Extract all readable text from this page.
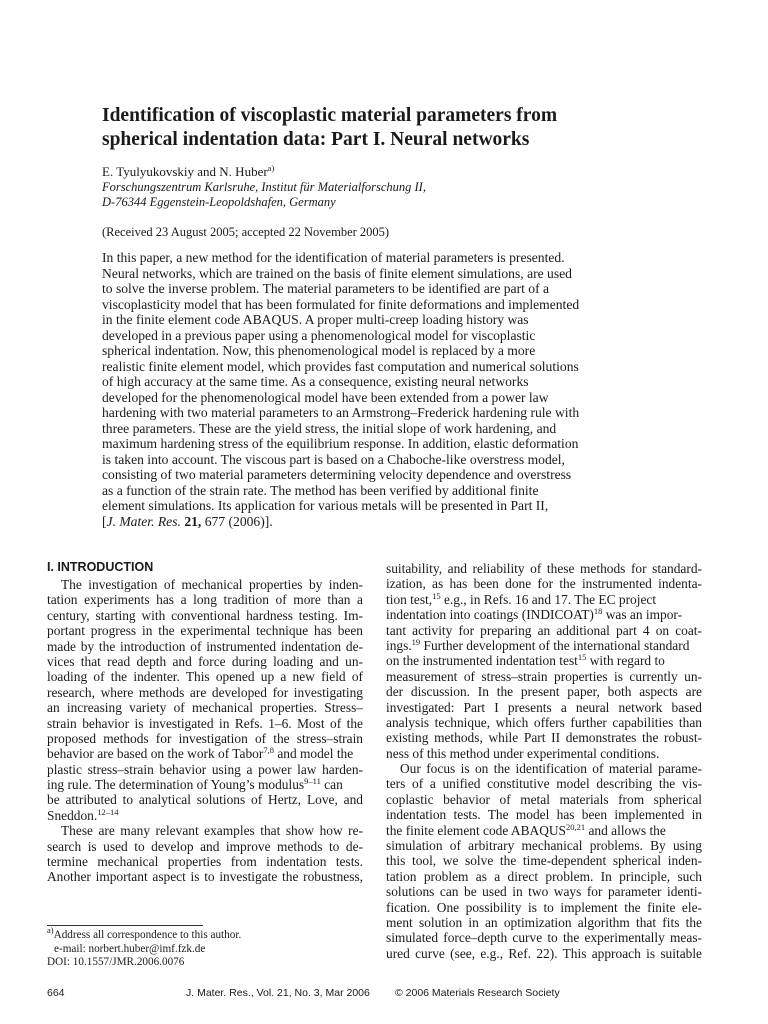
Identification of viscoplastic material parameters from
spherical indentation data: Part I. Neural networks
E. Tyulyukovskiy and N. Huber$^{a)}$
Forschungszentrum Karlsruhe, Institut für Materialforschung II,
D-76344 Eggenstein-Leopoldshafen, Germany
(Received 23 August 2005; accepted 22 November 2005)
In this paper, a new method for the identification of material parameters is presented.
Neural networks, which are trained on the basis of finite element simulations, are used
to solve the inverse problem. The material parameters to be identified are part of a
viscoplasticity model that has been formulated for finite deformations and implemented
in the finite element code ABAQUS. A proper multi-creep loading history was
developed in a previous paper using a phenomenological model for viscoplastic
spherical indentation. Now, this phenomenological model is replaced by a more
realistic finite element model, which provides fast computation and numerical solutions
of high accuracy at the same time. As a consequence, existing neural networks
developed for the phenomenological model have been extended from a power law
hardening with two material parameters to an Armstrong–Frederick hardening rule with
three parameters. These are the yield stress, the initial slope of work hardening, and
maximum hardening stress of the equilibrium response. In addition, elastic deformation
is taken into account. The viscous part is based on a Chaboche-like overstress model,
consisting of two material parameters determining velocity dependence and overstress
as a function of the strain rate. The method has been verified by additional finite
element simulations. Its application for various metals will be presented in Part II,
[J. Mater. Res. 21, 677 (2006)].
I. INTRODUCTION
The investigation of mechanical properties by inden-
tation experiments has a long tradition of more than a
century, starting with conventional hardness testing. Im-
portant progress in the experimental technique has been
made by the introduction of instrumented indentation de-
vices that read depth and force during loading and un-
loading of the indenter. This opened up a new field of
research, where methods are developed for investigating
an increasing variety of mechanical properties. Stress–
strain behavior is investigated in Refs. 1–6. Most of the
proposed methods for investigation of the stress–strain
behavior are based on the work of Tabor$^{7,8}$ and model the
plastic stress–strain behavior using a power law harden-
ing rule. The determination of Young’s modulus$^{9-11}$ can
be attributed to analytical solutions of Hertz, Love, and
Sneddon.$^{12-14}$
These are many relevant examples that show how re-
search is used to develop and improve methods to de-
termine mechanical properties from indentation tests.
Another important aspect is to investigate the robustness,
$^{a)}$Address all correspondence to this author.
e-mail: norbert.huber@imf.fzk.de
DOI: 10.1557/JMR.2006.0076
suitability, and reliability of these methods for standard-
ization, as has been done for the instrumented indenta-
tion test,$^{15}$ e.g., in Refs. 16 and 17. The EC project
indentation into coatings (INDICOAT)$^{18}$ was an impor-
tant activity for preparing an additional part 4 on coat-
ings.$^{19}$ Further development of the international standard
on the instrumented indentation test$^{15}$ with regard to
measurement of stress–strain properties is currently un-
der discussion. In the present paper, both aspects are
investigated: Part I presents a neural network based
analysis technique, which offers further capabilities than
existing methods, while Part II demonstrates the robust-
ness of this method under experimental conditions.
Our focus is on the identification of material parame-
ters of a unified constitutive model describing the vis-
coplastic behavior of metal materials from spherical
indentation tests. The model has been implemented in
the finite element code ABAQUS$^{20,21}$ and allows the
simulation of arbitrary mechanical problems. By using
this tool, we solve the time-dependent spherical inden-
tation problem as a direct problem. In principle, such
solutions can be used in two ways for parameter identi-
fication. One possibility is to implement the finite ele-
ment solution in an optimization algorithm that fits the
simulated force–depth curve to the experimentally meas-
ured curve (see, e.g., Ref. 22). This approach is suitable
664	J. Mater. Res., Vol. 21, No. 3, Mar 2006 © 2006 Materials Research Society
